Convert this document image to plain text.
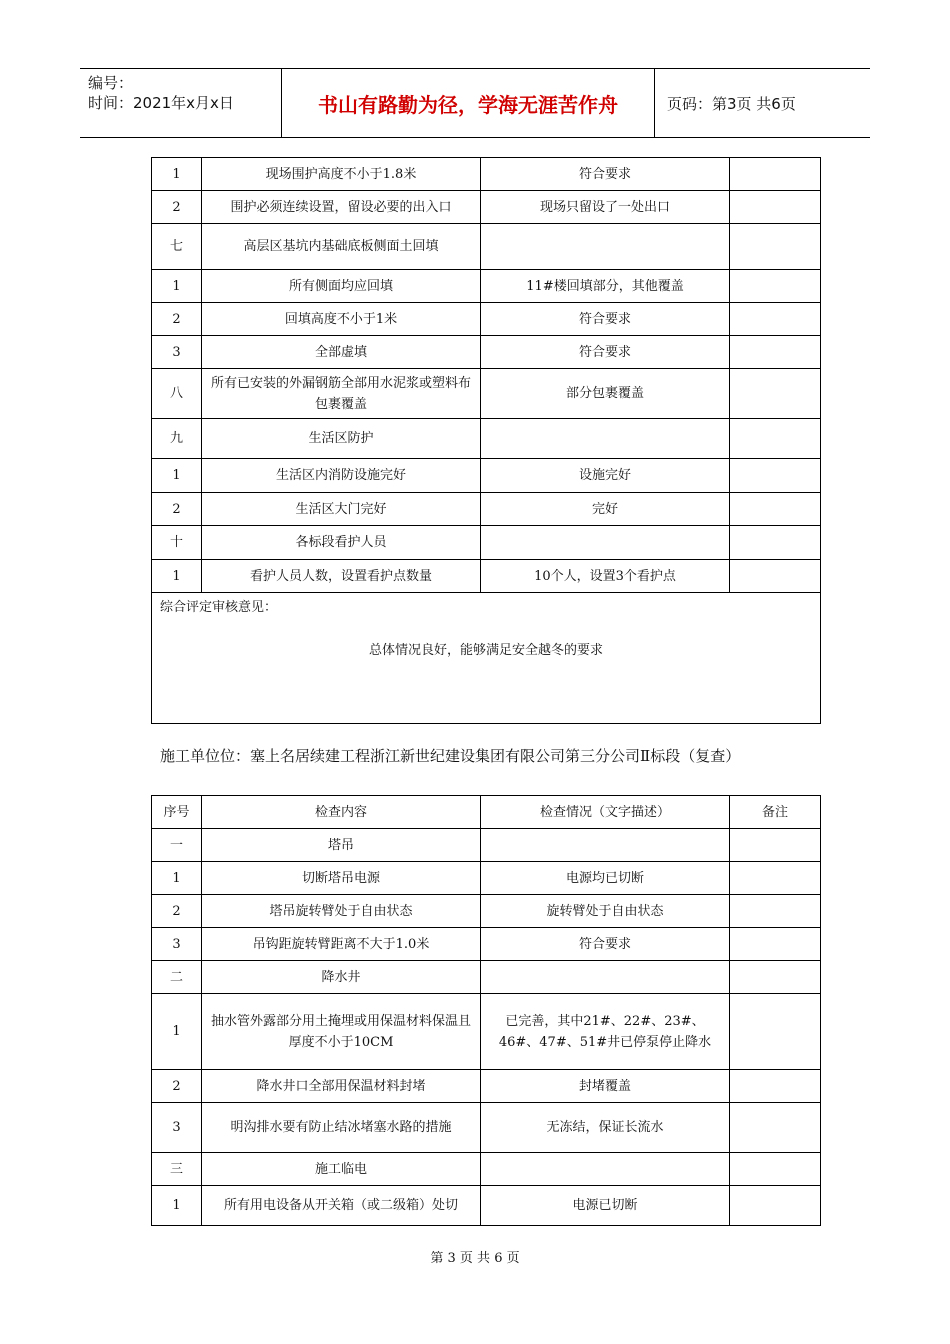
编号：
时间：2021年x月x日	书山有路勤为径，学海无涯苦作舟	页码：第3页 共6页
1	现场围护高度不小于1.8米	符合要求	
2	围护必须连续设置，留设必要的出入口	现场只留设了一处出口	
七	高层区基坑内基础底板侧面土回填		
1	所有侧面均应回填	11#楼回填部分，其他覆盖	
2	回填高度不小于1米	符合要求	
3	全部虚填	符合要求	
八	所有已安装的外漏钢筋全部用水泥浆或塑料布包裹覆盖	部分包裹覆盖	
九	生活区防护		
1	生活区内消防设施完好	设施完好	
2	生活区大门完好	完好	
十	各标段看护人员		
1	看护人员人数，设置看护点数量	10个人，设置3个看护点	

综合评定审核意见：
总体情况良好，能够满足安全越冬的要求			
施工单位位：塞上名居续建工程浙江新世纪建设集团有限公司第三分公司Ⅱ标段（复查）
序号	检查内容	检查情况（文字描述）	备注
一	塔吊		
1	切断塔吊电源	电源均已切断	
2	塔吊旋转臂处于自由状态	旋转臂处于自由状态	
3	吊钩距旋转臂距离不大于1.0米	符合要求	
二	降水井		
1	抽水管外露部分用土掩埋或用保温材料保温且厚度不小于10CM	已完善，其中21#、22#、23#、46#、47#、51#井已停泵停止降水	
2	降水井口全部用保温材料封堵	封堵覆盖	
3	明沟排水要有防止结冰堵塞水路的措施	无冻结，保证长流水	
三	施工临电		
1	所有用电设备从开关箱（或二级箱）处切	电源已切断	
第 3 页 共 6 页
